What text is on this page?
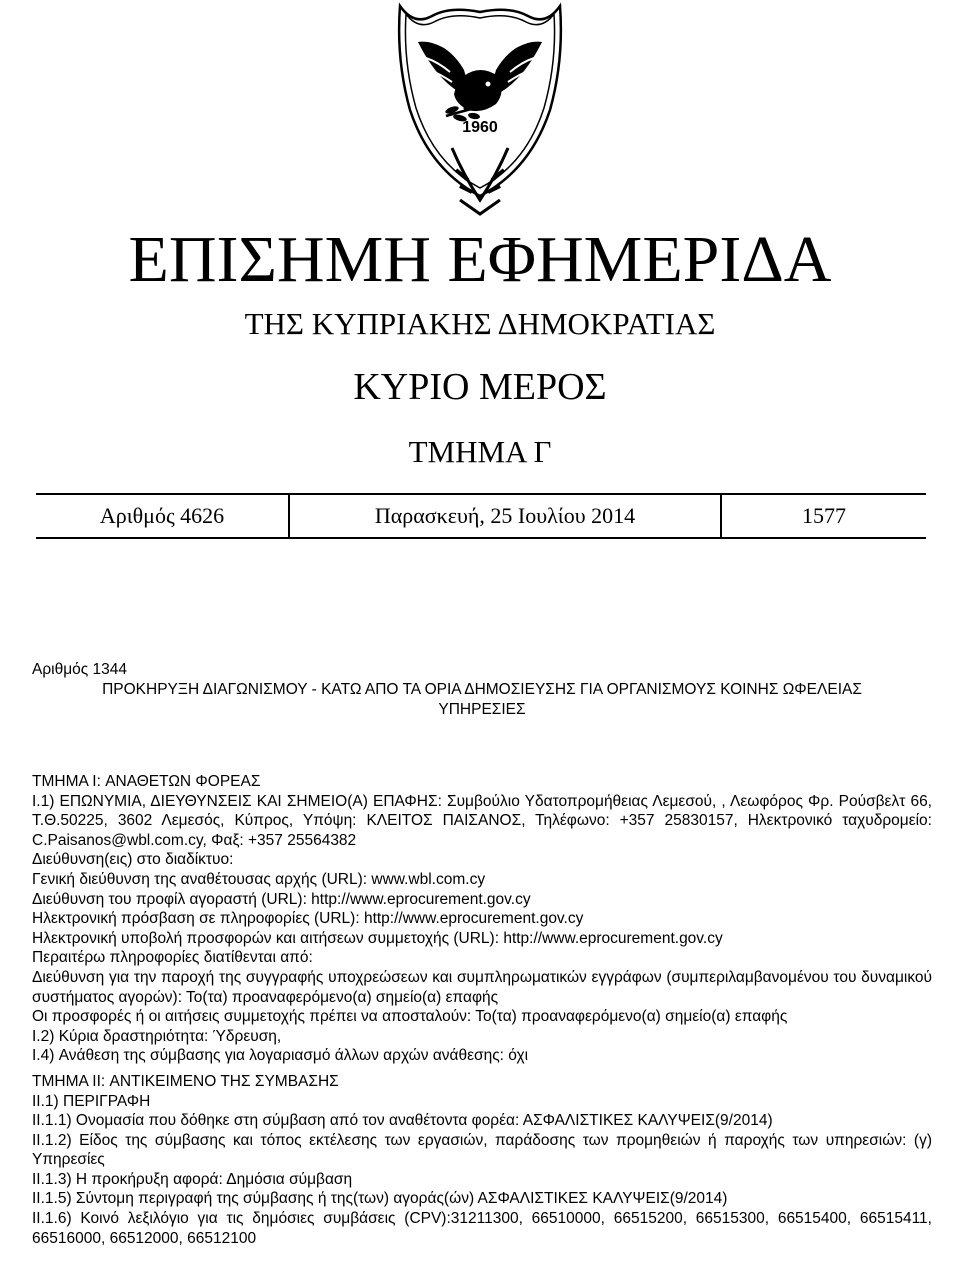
1960
ΕΠΙΣΗΜΗ ΕΦΗΜΕΡΙΔΑ
ΤΗΣ ΚΥΠΡΙΑΚΗΣ ΔΗΜΟΚΡΑΤΙΑΣ
ΚΥΡΙΟ ΜΕΡΟΣ
ΤΜΗΜΑ Γ
Αριθμός 4626	Παρασκευή, 25 Ιουλίου 2014	1577
Αριθμός 1344
ΠΡΟΚΗΡΥΞΗ ΔΙΑΓΩΝΙΣΜΟΥ - ΚΑΤΩ ΑΠΟ ΤΑ ΟΡΙΑ ΔΗΜΟΣΙΕΥΣΗΣ ΓΙΑ ΟΡΓΑΝΙΣΜΟΥΣ ΚΟΙΝΗΣ ΩΦΕΛΕΙΑΣ
ΥΠΗΡΕΣΙΕΣ

ΤΜΗΜΑ I: ΑΝΑΘΕΤΩΝ ΦΟΡΕΑΣ

I.1) ΕΠΩΝΥΜΙΑ, ΔΙΕΥΘΥΝΣΕΙΣ ΚΑΙ ΣΗΜΕΙΟ(Α) ΕΠΑΦΗΣ: Συμβούλιο Υδατοπρομήθειας Λεμεσού, , Λεωφόρος Φρ. Ρούσβελτ 66, Τ.Θ.50225, 3602 Λεμεσός, Κύπρος, Υπόψη: ΚΛΕΙΤΟΣ ΠΑΙΣΑΝΟΣ, Τηλέφωνο: +357 25830157, Ηλεκτρονικό ταχυδρομείο: C.Paisanos@wbl.com.cy, Φαξ: +357 25564382

Διεύθυνση(εις) στο διαδίκτυο:

Γενική διεύθυνση της αναθέτουσας αρχής (URL): www.wbl.com.cy

Διεύθυνση του προφίλ αγοραστή (URL): http://www.eprocurement.gov.cy

Ηλεκτρονική πρόσβαση σε πληροφορίες (URL): http://www.eprocurement.gov.cy

Ηλεκτρονική υποβολή προσφορών και αιτήσεων συμμετοχής (URL): http://www.eprocurement.gov.cy

Περαιτέρω πληροφορίες διατίθενται από:

Διεύθυνση για την παροχή της συγγραφής υποχρεώσεων και συμπληρωματικών εγγράφων (συμπεριλαμβανομένου του δυναμικού συστήματος αγορών): Το(τα) προαναφερόμενο(α) σημείο(α) επαφής

Οι προσφορές ή οι αιτήσεις συμμετοχής πρέπει να αποσταλούν: Το(τα) προαναφερόμενο(α) σημείο(α) επαφής

I.2) Κύρια δραστηριότητα: Ύδρευση,

I.4) Ανάθεση της σύμβασης για λογαριασμό άλλων αρχών ανάθεσης: όχι

ΤΜΗΜΑ II: ΑΝΤΙΚΕΙΜΕΝΟ ΤΗΣ ΣΥΜΒΑΣΗΣ

II.1) ΠΕΡΙΓΡΑΦΗ

II.1.1) Ονομασία που δόθηκε στη σύμβαση από τον αναθέτοντα φορέα: ΑΣΦΑΛΙΣΤΙΚΕΣ ΚΑΛΥΨΕΙΣ(9/2014)

II.1.2) Είδος της σύμβασης και τόπος εκτέλεσης των εργασιών, παράδοσης των προμηθειών ή παροχής των υπηρεσιών: (γ) Υπηρεσίες

II.1.3) Η προκήρυξη αφορά: Δημόσια σύμβαση

II.1.5) Σύντομη περιγραφή της σύμβασης ή της(των) αγοράς(ών) ΑΣΦΑΛΙΣΤΙΚΕΣ ΚΑΛΥΨΕΙΣ(9/2014)

II.1.6) Κοινό λεξιλόγιο για τις δημόσιες συμβάσεις (CPV):31211300, 66510000, 66515200, 66515300, 66515400, 66515411, 66516000, 66512000, 66512100
